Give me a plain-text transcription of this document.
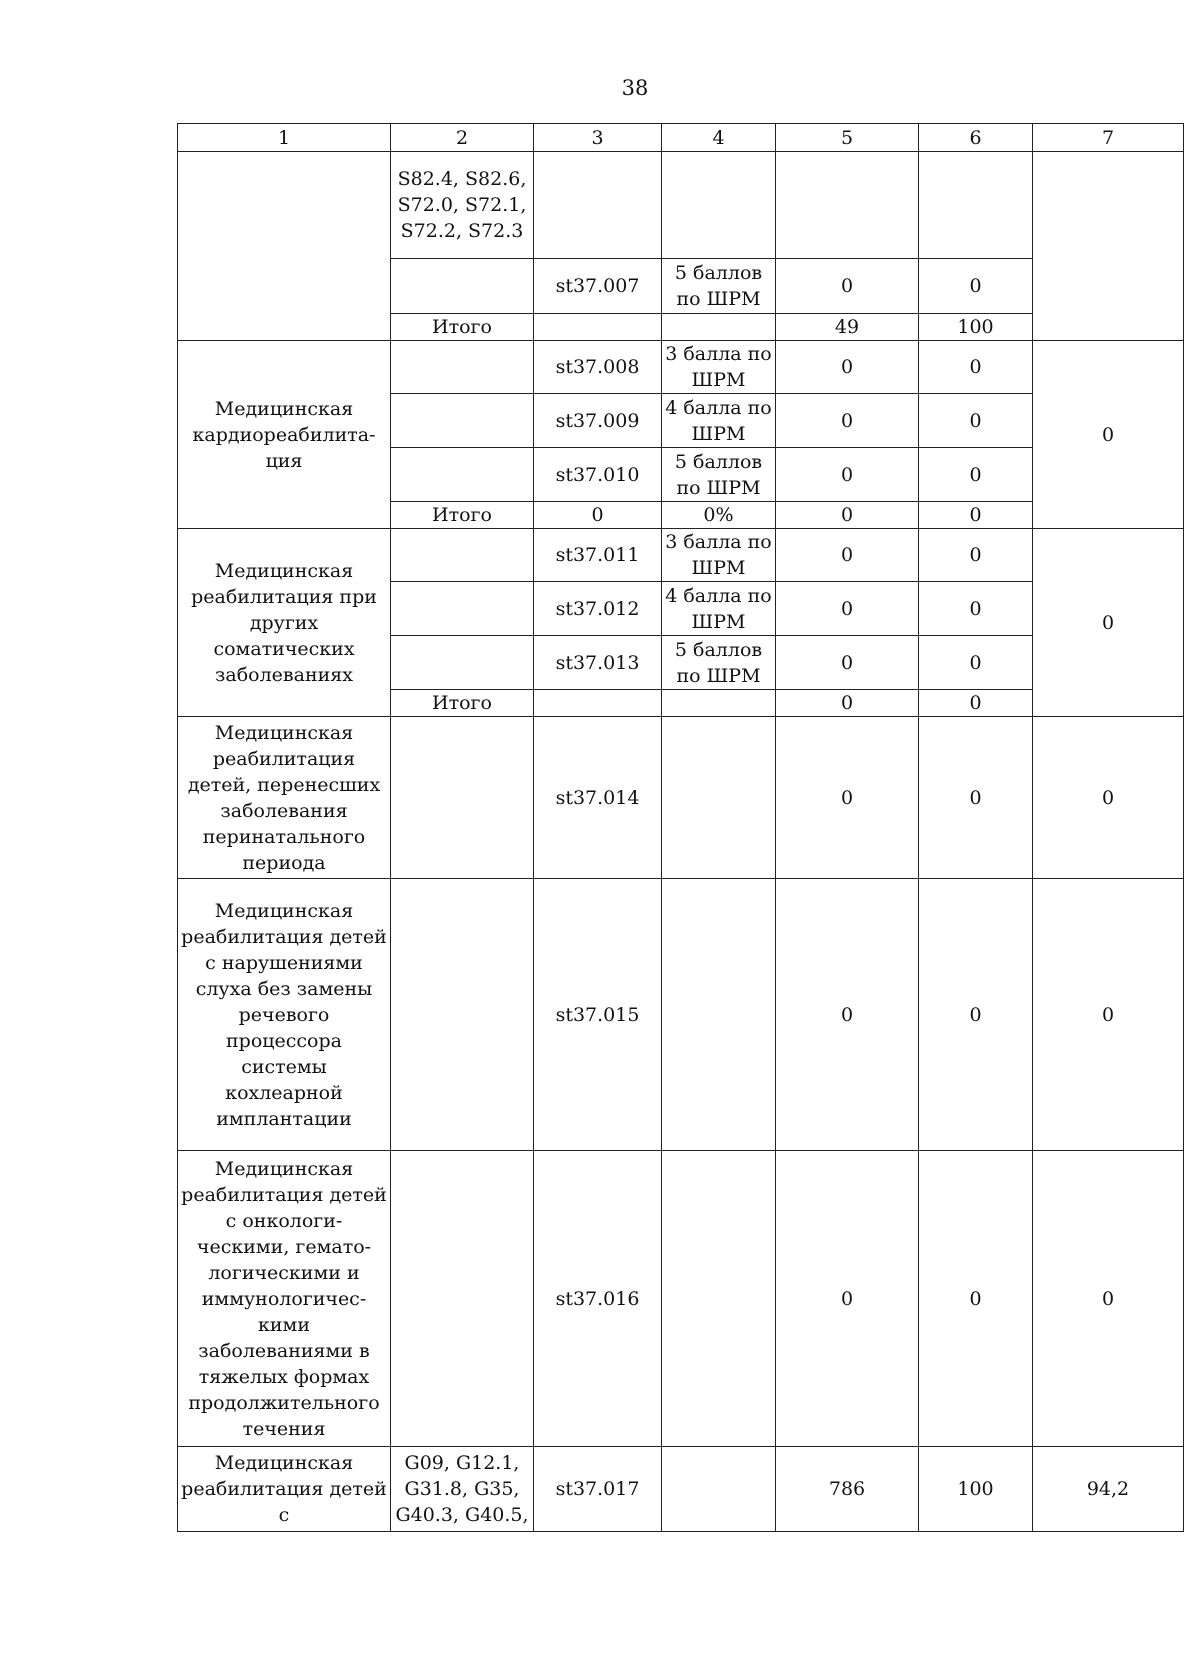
38
1	2	3	4	5	6	7
	S82.4, S82.6, S72.0, S72.1, S72.2, S72.3					
		st37.007	5 баллов по ШРМ	0	0	
	Итого			49	100	
Медицинская кардиореабилита-ция		st37.008	3 балла по ШРМ	0	0	0
		st37.009	4 балла по ШРМ	0	0	
		st37.010	5 баллов по ШРМ	0	0	
	Итого	0	0%	0	0	
Медицинская реабилитация при других соматических заболеваниях		st37.011	3 балла по ШРМ	0	0	0
		st37.012	4 балла по ШРМ	0	0	
		st37.013	5 баллов по ШРМ	0	0	
	Итого			0	0	
Медицинская реабилитация детей, перенесших заболевания перинатального периода		st37.014		0	0	0
Медицинская реабилитация детей с нарушениями слуха без замены речевого процессора системы кохлеарной имплантации		st37.015		0	0	0
Медицинская реабилитация детей с онкологи-ческими, гемато-логическими и иммунологичес-кими заболеваниями в тяжелых формах продолжительного течения		st37.016		0	0	0
Медицинская реабилитация детей с	G09, G12.1, G31.8, G35, G40.3, G40.5,	st37.017		786	100	94,2
